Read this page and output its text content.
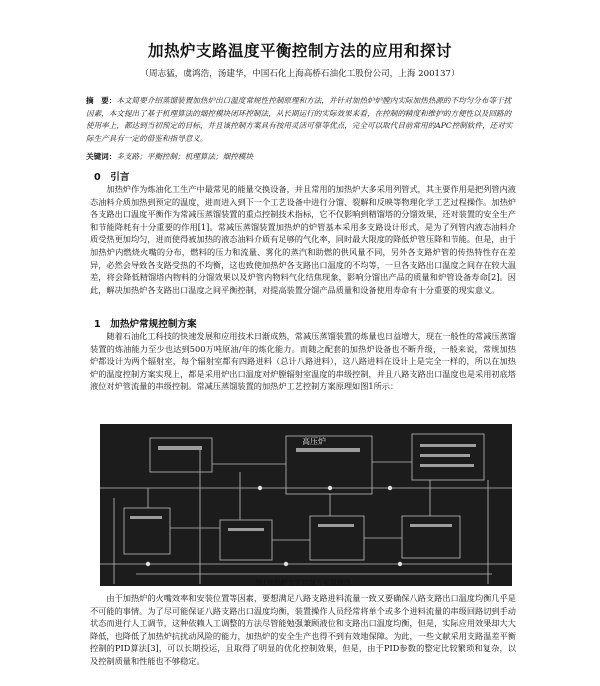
加热炉支路温度平衡控制方法的应用和探讨
（周志猛，虞鸿浩，汤建华，中国石化上海高桥石油化工股份公司，上海 200137）
摘　要：本文简要介绍蒸馏装置加热炉出口温度常规性控制原理和方法，并针对加热炉炉膛内实际加热热源的不均匀分布等干扰因素，本文提出了基于机理算法的烟控模块闭环控制法，从长期运行的实际效果来看，在控制的精度和维护的方便性以及回路的使用率上，都达到当初预定的目标，并且该控制方案具有按用灵活可靠等优点，完全可以取代目前常用的APC控制软件，还对实际生产具有一定的借鉴和指导意义。
关键词：多支路；平衡控制；机理算法；烟控模块
0　引言

加热炉作为炼油化工生产中最常见的能量交换设备，并且常用的加热炉大多采用列管式，其主要作用是把列管内液态油料介质加热到预定的温度，进而进入到下一个工艺设备中进行分馏、裂解和反映等物理化学工艺过程操作。加热炉各支路出口温度平衡作为常减压蒸馏装置的重点控制技术指标，它不仅影响到精馏塔的分馏效果，还对装置的安全生产和节能降耗有十分重要的作用[1]。常减压蒸馏装置加热炉的炉管基本采用多支路设计形式，是为了列管内液态油料介质受热更加均匀，进而使得被加热的液态油料介质有足够的气化率，同时最大限度的降低炉管压降和节能。但是，由于加热炉内燃烧火嘴的分布，燃料的压力和流量、雾化的蒸汽和助燃的供风量不同，另外各支路炉管的传热特性存在差异，必然会导致各支路受热的不均衡，这也致使加热炉各支路出口温度的不均等，一旦各支路出口温度之间存在较大温差，将会降低精馏塔内物料的分馏效果以及炉管内物料气化结焦现象，影响分馏出产品的质量和炉管设备寿命[2]。因此，解决加热炉各支路出口温度之间平衡控制，对提高装置分馏产品质量和设备使用寿命有十分重要的现实意义。

1　加热炉常规控制方案

随着石油化工科技的快速发展和应用技术日渐成熟，常减压蒸馏装置的炼量也日益增大，现在一般性的常减压蒸馏装置的炼油能力至少也达到500万吨原油/年的炼化能力。而随之配套的加热炉设备也不断升级，一般来说，常规加热炉都设计为两个辐射室，每个辐射室都有四路进料（总计八路进料），这八路进料在设计上是完全一样的，所以在加热炉的温度控制方案实现上，都是采用炉出口温度对炉膛辐射室温度的串级控制，并且八路支路出口温度也是采用初底塔液位对炉管流量的串级控制。常减压蒸馏装置的加热炉工艺控制方案原理如图1所示：

高压炉
图1加热炉工艺控制方案原理图

由于加热炉的火嘴效率和安装位置等因素，要想满足八路支路进料流量一致又要确保八路支路出口温度均衡几乎是不可能的事情。为了尽可能保证八路支路出口温度均衡，装置操作人员经常将单个或多个进料流量的串级回路切到手动状态而进行人工调节，这种依赖人工调整的方法尽管能勉强兼顾液位和支路出口温度均衡，但是，实际应用效果却大大降低，也降低了加热炉抗扰动风险的能力，加热炉的安全生产也得不到有效地保障。为此，一些文献采用支路温差平衡控制的PID算法[3]，可以长期投运，且取得了明显的优化控制效果，但是，由于PID参数的整定比较繁琐和复杂，以及控制质量和性能也不够稳定。
